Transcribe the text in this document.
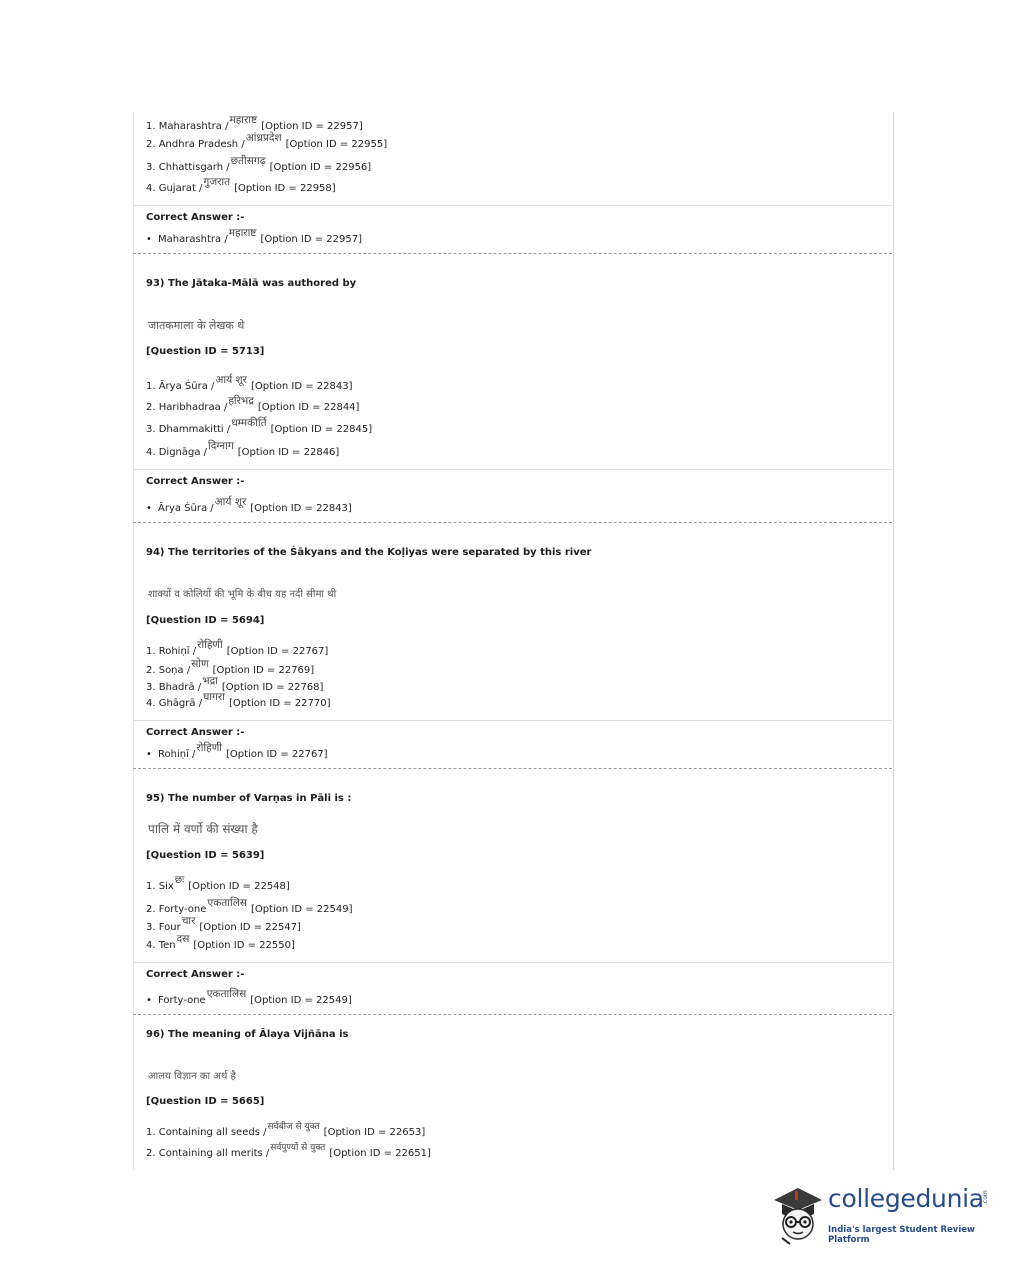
1. Maharashtra /महाराष्ट[Option ID = 22957]
2. Andhra Pradesh /आंध्रप्रदेश[Option ID = 22955]
3. Chhattisgarh /छतीसगढ़[Option ID = 22956]
4. Gujarat /गुजरात[Option ID = 22958]
Correct Answer :-
• Maharashtra /महाराष्ट[Option ID = 22957]
93) The Jātaka-Mālā was authored by
जातकमाला के लेखक थे
[Question ID = 5713]
1. Ārya Śūra /आर्य शूर[Option ID = 22843]
2. Haribhadraa /हरिभद्र[Option ID = 22844]
3. Dhammakitti /धम्मकीर्ति[Option ID = 22845]
4. Dignāga /दिग्नाग[Option ID = 22846]
Correct Answer :-
• Ārya Śūra /आर्य शूर[Option ID = 22843]
94) The territories of the Śākyans and the Koḷiyas were separated by this river
शाक्यों व कोलियों की भूमि के बीच यह नदी सीमा थी
[Question ID = 5694]
1. Rohiṇī /रोहिणी[Option ID = 22767]
2. Soṇa /सोण[Option ID = 22769]
3. Bhadrā /भद्रा[Option ID = 22768]
4. Ghāgrā /घागरा[Option ID = 22770]
Correct Answer :-
• Rohiṇī /रोहिणी[Option ID = 22767]
95) The number of Varṇas in Pāli is :
पालि में वर्णो की संख्या है
[Question ID = 5639]
1. Sixछः[Option ID = 22548]
2. Forty-oneएकतालिस[Option ID = 22549]
3. Fourचार[Option ID = 22547]
4. Tenदस[Option ID = 22550]
Correct Answer :-
• Forty-oneएकतालिस[Option ID = 22549]
96) The meaning of Ālaya Vijñāna is
आलय विज्ञान का अर्थ है
[Question ID = 5665]
1. Containing all seeds /सर्वबीज से युक्त [Option ID = 22653]
2. Containing all merits /सर्वपुण्यों से युक्त [Option ID = 22651]
collegedunia
.com
India's largest Student Review Platform
